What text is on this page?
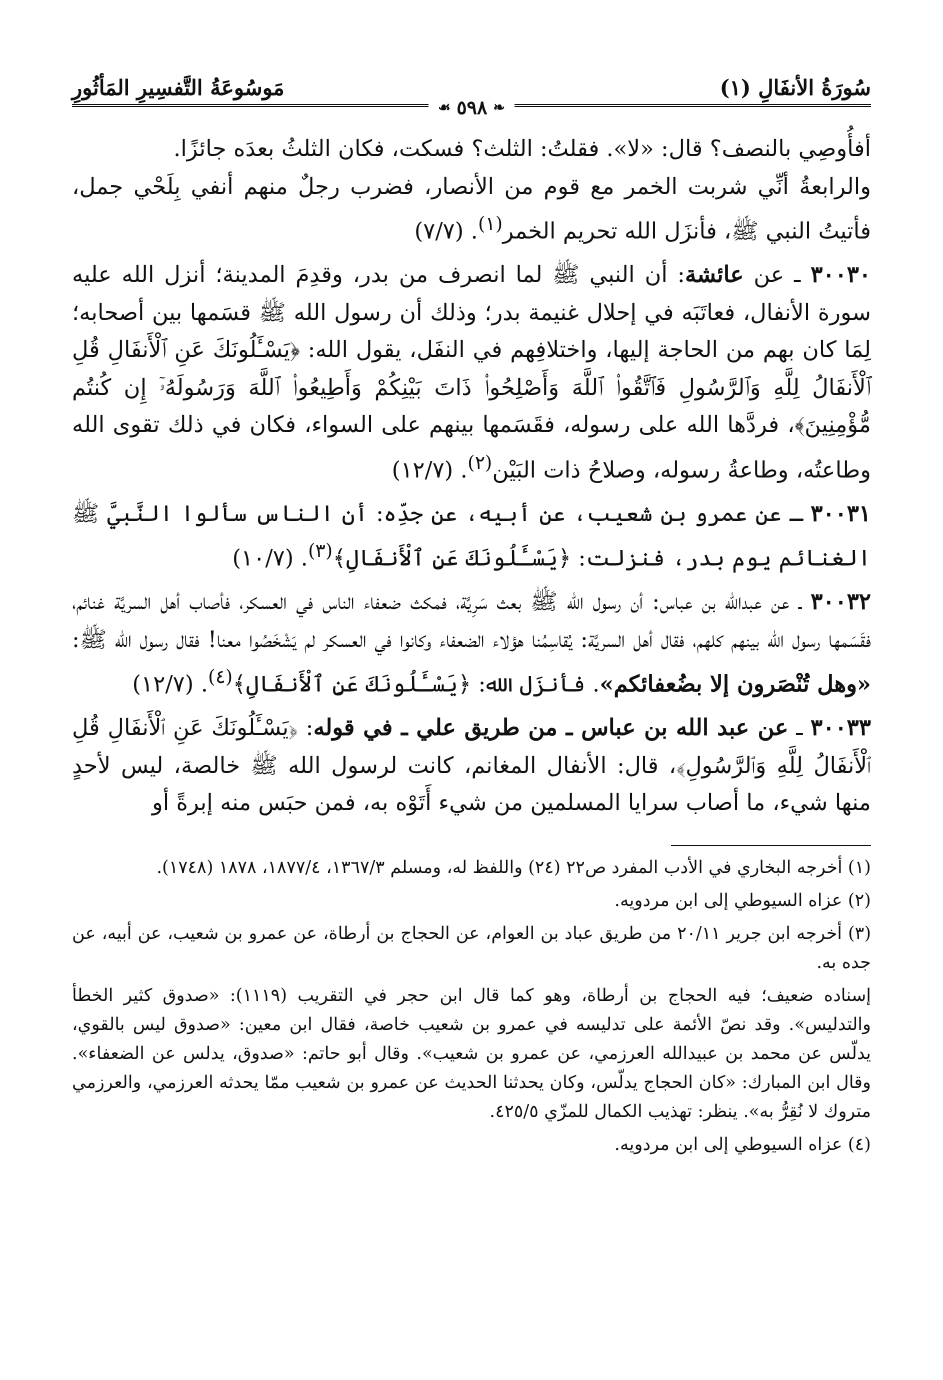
سُورَةُ الأنفَالِ (١)
مَوسُوعَةُ التَّفسِيرِ المَأثُورِ
❧
٥٩٨
☙

أفأُوصِي بالنصف؟ قال: «لا». فقلتُ: الثلث؟ فسكت، فكان الثلثُ بعدَه جائزًا.
والرابعةُ أنِّي شربت الخمر مع قوم من الأنصار، فضرب رجلٌ منهم أنفي بِلَحْي جمل، فأتيتُ النبي ﷺ، فأنزَل الله تحريم الخمر$^{(١)}$. (٧/٧)

٣٠٠٣٠ ـ عن عائشة: أن النبي ﷺ لما انصرف من بدر، وقدِمَ المدينة؛ أنزل الله عليه سورة الأنفال، فعاتَبَه في إحلال غنيمة بدر؛ وذلك أن رسول الله ﷺ قسَمها بين أصحابه؛ لِمَا كان بهم من الحاجة إليها، واختلافِهم في النفَل، يقول الله: ﴿يَسْـَٔلُونَكَ عَنِ ٱلْأَنفَالِ قُلِ ٱلْأَنفَالُ لِلَّهِ وَٱلرَّسُولِ فَٱتَّقُوا۟ ٱللَّهَ وَأَصْلِحُوا۟ ذَاتَ بَيْنِكُمْ وَأَطِيعُوا۟ ٱللَّهَ وَرَسُولَهُۥٓ إِن كُنتُم مُّؤْمِنِينَ﴾، فردَّها الله على رسوله، فقَسَمها بينهم على السواء، فكان في ذلك تقوى الله وطاعتُه، وطاعةُ رسوله، وصلاحُ ذات البَيْن$^{(٢)}$. (١٢/٧)

٣٠٠٣١ ـ عن عمرو بن شعيب، عن أبيه، عن جدِّه: أن الناس سألوا النَّبيَّ ﷺ الغنائم يوم بدر، فنزلت: ﴿يَسْـَٔلُونَكَ عَنِ ٱلْأَنفَالِ﴾$^{(٣)}$. (١٠/٧)

٣٠٠٣٢ ـ عن عبدالله بن عباس: أن رسول الله ﷺ بعث سَرِيَّة، فمكث ضعفاء الناس في العسكر، فأصاب أهل السريَّة غنائم، فقَسَمها رسول الله بينهم كلهم، فقال أهل السريَّة: يُقاسِمُنا هؤلاء الضعفاء وكانوا في العسكر لم يَشْخَصُوا معنا! فقال رسول الله ﷺ: «وهل تُنْصَرون إلا بضُعفائكم». فأنزَل الله: ﴿يَسْـَٔلُونَكَ عَنِ ٱلْأَنفَالِ﴾$^{(٤)}$. (١٢/٧)

٣٠٠٣٣ ـ عن عبد الله بن عباس ـ من طريق علي ـ في قوله: ﴿يَسْـَٔلُونَكَ عَنِ ٱلْأَنفَالِ قُلِ ٱلْأَنفَالُ لِلَّهِ وَٱلرَّسُولِ﴾، قال: الأنفال المغانم، كانت لرسول الله ﷺ خالصة، ليس لأحدٍ منها شيء، ما أصاب سرايا المسلمين من شيء أَتَوْه به، فمن حبَس منه إبرةً أو

(١) أخرجه البخاري في الأدب المفرد ص٢٢ (٢٤) واللفظ له، ومسلم ١٣٦٧/٣، ١٨٧٧/٤، ١٨٧٨ (١٧٤٨).

(٢) عزاه السيوطي إلى ابن مردويه.

(٣) أخرجه ابن جرير ٢٠/١١ من طريق عباد بن العوام، عن الحجاج بن أرطاة، عن عمرو بن شعيب، عن أبيه، عن جده به.

إسناده ضعيف؛ فيه الحجاج بن أرطاة، وهو كما قال ابن حجر في التقريب (١١١٩): «صدوق كثير الخطأ والتدليس». وقد نصّ الأئمة على تدليسه في عمرو بن شعيب خاصة، فقال ابن معين: «صدوق ليس بالقوي، يدلّس عن محمد بن عبيدالله العرزمي، عن عمرو بن شعيب». وقال أبو حاتم: «صدوق، يدلس عن الضعفاء». وقال ابن المبارك: «كان الحجاج يدلّس، وكان يحدثنا الحديث عن عمرو بن شعيب ممّا يحدثه العرزمي، والعرزمي متروك لا نُقِرُّ به». ينظر: تهذيب الكمال للمزّي ٤٢٥/٥.

(٤) عزاه السيوطي إلى ابن مردويه.
